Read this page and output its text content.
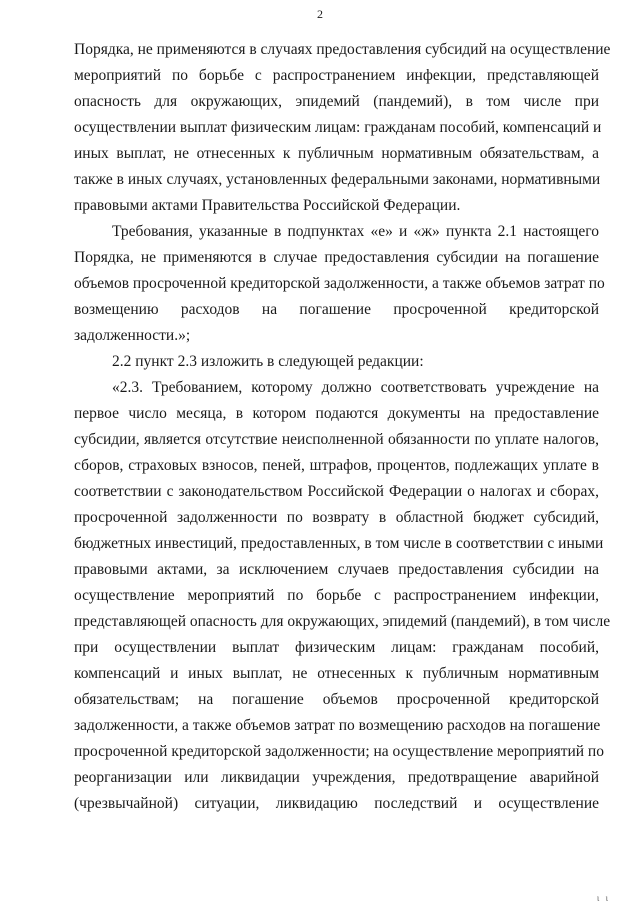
2
Порядка, не применяются в случаях предоставления субсидий на осуществление
мероприятий по борьбе с распространением инфекции, представляющей
опасность для окружающих, эпидемий (пандемий), в том числе при
осуществлении выплат физическим лицам: гражданам пособий, компенсаций и
иных выплат, не отнесенных к публичным нормативным обязательствам, а
также в иных случаях, установленных федеральными законами, нормативными
правовыми актами Правительства Российской Федерации.
Требования, указанные в подпунктах «е» и «ж» пункта 2.1 настоящего
Порядка, не применяются в случае предоставления субсидии на погашение
объемов просроченной кредиторской задолженности, а также объемов затрат по
возмещению расходов на погашение просроченной кредиторской
задолженности.»;
2.2 пункт 2.3 изложить в следующей редакции:
«2.3. Требованием, которому должно соответствовать учреждение на
первое число месяца, в котором подаются документы на предоставление
субсидии, является отсутствие неисполненной обязанности по уплате налогов,
сборов, страховых взносов, пеней, штрафов, процентов, подлежащих уплате в
соответствии с законодательством Российской Федерации о налогах и сборах,
просроченной задолженности по возврату в областной бюджет субсидий,
бюджетных инвестиций, предоставленных, в том числе в соответствии с иными
правовыми актами, за исключением случаев предоставления субсидии на
осуществление мероприятий по борьбе с распространением инфекции,
представляющей опасность для окружающих, эпидемий (пандемий), в том числе
при осуществлении выплат физическим лицам: гражданам пособий,
компенсаций и иных выплат, не отнесенных к публичным нормативным
обязательствам; на погашение объемов просроченной кредиторской
задолженности, а также объемов затрат по возмещению расходов на погашение
просроченной кредиторской задолженности; на осуществление мероприятий по
реорганизации или ликвидации учреждения, предотвращение аварийной
(чрезвычайной) ситуации, ликвидацию последствий и осуществление
ι ι
